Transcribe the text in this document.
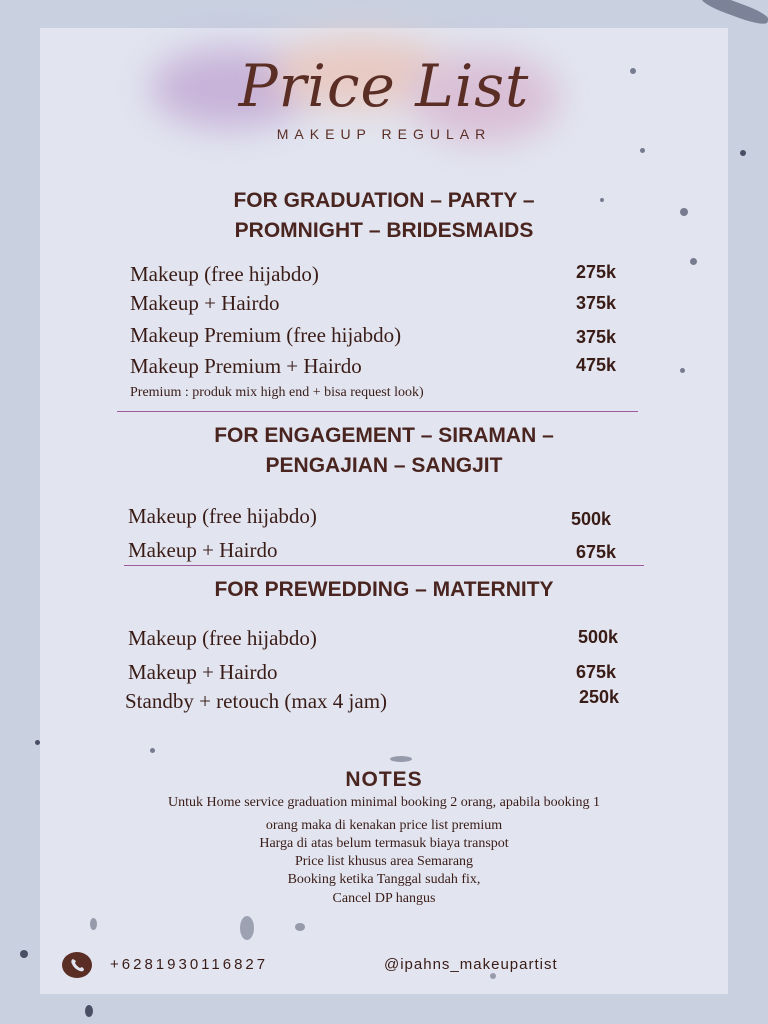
Price List
MAKEUP REGULAR
FOR GRADUATION – PARTY –
PROMNIGHT – BRIDESMAIDS
Makeup (free hijabdo)	275k
Makeup + Hairdo	375k
Makeup Premium (free hijabdo)	375k
Makeup Premium + Hairdo	475k
Premium : produk mix high end + bisa request look)
FOR ENGAGEMENT – SIRAMAN –
PENGAJIAN – SANGJIT
Makeup (free hijabdo)	500k
Makeup + Hairdo	675k
FOR PREWEDDING – MATERNITY
Makeup (free hijabdo)	500k
Makeup + Hairdo	675k
Standby + retouch (max 4 jam)	250k
NOTES
Untuk Home service graduation minimal booking 2 orang, apabila booking 1
orang maka di kenakan price list premium
Harga di atas belum termasuk biaya transpot
Price list khusus area Semarang
Booking ketika Tanggal sudah fix,
Cancel DP hangus
+6281930116827	@ipahns_makeupartist
